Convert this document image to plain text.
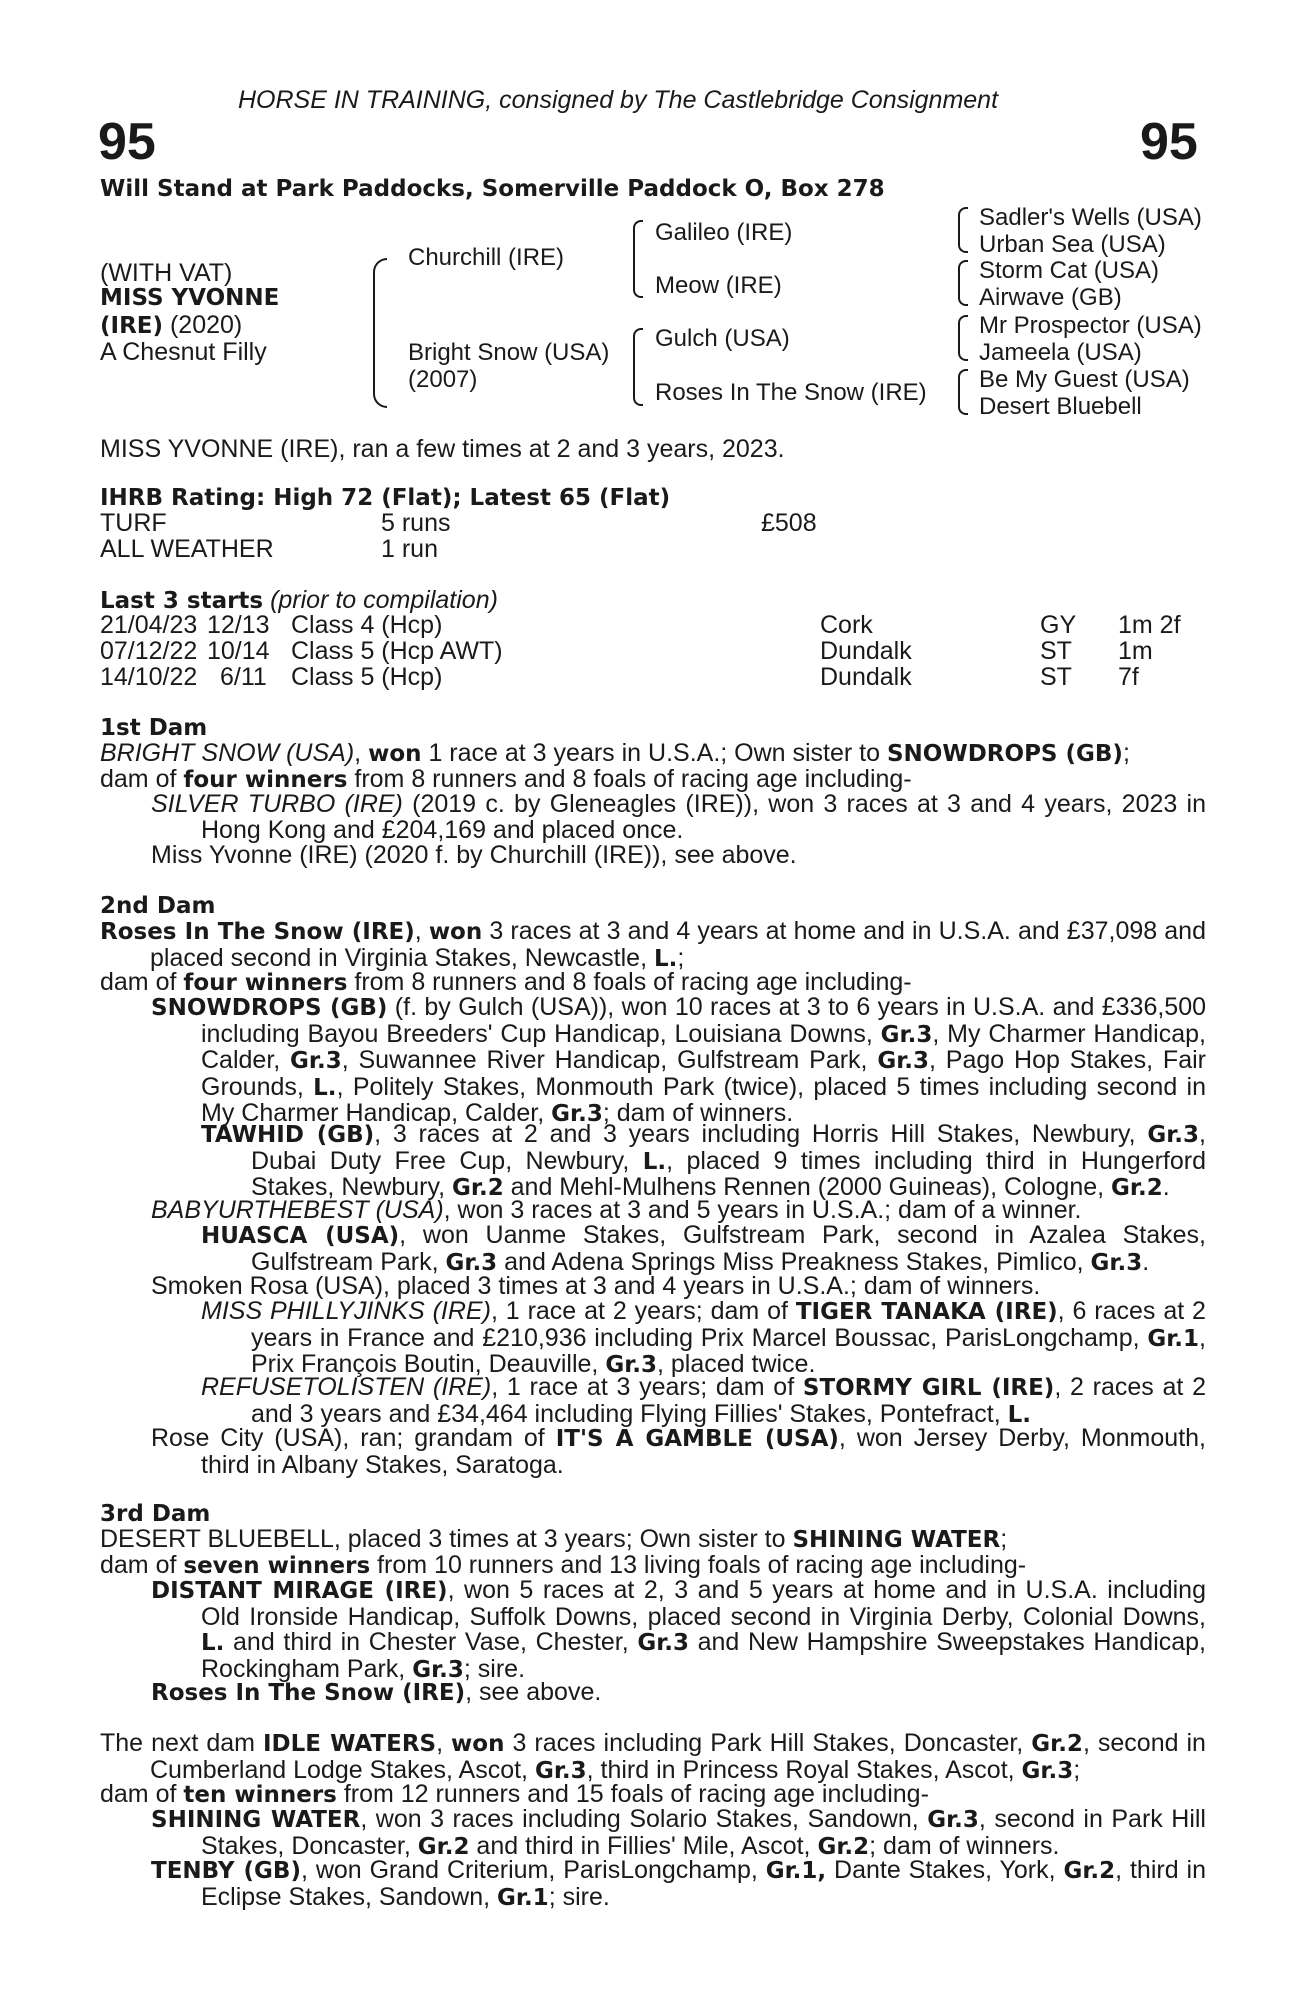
HORSE IN TRAINING, consigned by The Castlebridge Consignment
95	95
Will Stand at Park Paddocks, Somerville Paddock O, Box 278
(WITH VAT)
MISS YVONNE
(IRE) (2020)
A Chesnut Filly
Churchill (IRE)
Bright Snow (USA)
(2007)
Galileo (IRE)
Meow (IRE)
Gulch (USA)
Roses In The Snow (IRE)
Sadler's Wells (USA)
Urban Sea (USA)
Storm Cat (USA)
Airwave (GB)
Mr Prospector (USA)
Jameela (USA)
Be My Guest (USA)
Desert Bluebell
MISS YVONNE (IRE), ran a few times at 2 and 3 years, 2023.
IHRB Rating: High 72 (Flat); Latest 65 (Flat)
TURF	5 runs	£508
ALL WEATHER	1 run
Last 3 starts (prior to compilation)
21/04/23 12/13 Class 4 (Hcp)	Cork	GY 1m 2f
07/12/22 10/14 Class 5 (Hcp AWT)	Dundalk	ST 1m
14/10/22 6/11 Class 5 (Hcp)	Dundalk	ST 7f
1st Dam
BRIGHT SNOW (USA), won 1 race at 3 years in U.S.A.; Own sister to SNOWDROPS (GB);
dam of four winners from 8 runners and 8 foals of racing age including-
SILVER TURBO (IRE) (2019 c. by Gleneagles (IRE)), won 3 races at 3 and 4 years, 2023 in Hong Kong and £204,169 and placed once.
Miss Yvonne (IRE) (2020 f. by Churchill (IRE)), see above.
2nd Dam
Roses In The Snow (IRE), won 3 races at 3 and 4 years at home and in U.S.A. and £37,098 and placed second in Virginia Stakes, Newcastle, L.;
dam of four winners from 8 runners and 8 foals of racing age including-
SNOWDROPS (GB) (f. by Gulch (USA)), won 10 races at 3 to 6 years in U.S.A. and £336,500 including Bayou Breeders' Cup Handicap, Louisiana Downs, Gr.3, My Charmer Handicap, Calder, Gr.3, Suwannee River Handicap, Gulfstream Park, Gr.3, Pago Hop Stakes, Fair Grounds, L., Politely Stakes, Monmouth Park (twice), placed 5 times including second in My Charmer Handicap, Calder, Gr.3; dam of winners.
TAWHID (GB), 3 races at 2 and 3 years including Horris Hill Stakes, Newbury, Gr.3, Dubai Duty Free Cup, Newbury, L., placed 9 times including third in Hungerford Stakes, Newbury, Gr.2 and Mehl-Mulhens Rennen (2000 Guineas), Cologne, Gr.2.
BABYURTHEBEST (USA), won 3 races at 3 and 5 years in U.S.A.; dam of a winner.
HUASCA (USA), won Uanme Stakes, Gulfstream Park, second in Azalea Stakes, Gulfstream Park, Gr.3 and Adena Springs Miss Preakness Stakes, Pimlico, Gr.3.
Smoken Rosa (USA), placed 3 times at 3 and 4 years in U.S.A.; dam of winners.
MISS PHILLYJINKS (IRE), 1 race at 2 years; dam of TIGER TANAKA (IRE), 6 races at 2 years in France and £210,936 including Prix Marcel Boussac, ParisLongchamp, Gr.1, Prix François Boutin, Deauville, Gr.3, placed twice.
REFUSETOLISTEN (IRE), 1 race at 3 years; dam of STORMY GIRL (IRE), 2 races at 2 and 3 years and £34,464 including Flying Fillies' Stakes, Pontefract, L.
Rose City (USA), ran; grandam of IT'S A GAMBLE (USA), won Jersey Derby, Monmouth, third in Albany Stakes, Saratoga.
3rd Dam
DESERT BLUEBELL, placed 3 times at 3 years; Own sister to SHINING WATER;
dam of seven winners from 10 runners and 13 living foals of racing age including-
DISTANT MIRAGE (IRE), won 5 races at 2, 3 and 5 years at home and in U.S.A. including Old Ironside Handicap, Suffolk Downs, placed second in Virginia Derby, Colonial Downs, L. and third in Chester Vase, Chester, Gr.3 and New Hampshire Sweepstakes Handicap, Rockingham Park, Gr.3; sire.
Roses In The Snow (IRE), see above.
The next dam IDLE WATERS, won 3 races including Park Hill Stakes, Doncaster, Gr.2, second in Cumberland Lodge Stakes, Ascot, Gr.3, third in Princess Royal Stakes, Ascot, Gr.3;
dam of ten winners from 12 runners and 15 foals of racing age including-
SHINING WATER, won 3 races including Solario Stakes, Sandown, Gr.3, second in Park Hill Stakes, Doncaster, Gr.2 and third in Fillies' Mile, Ascot, Gr.2; dam of winners.
TENBY (GB), won Grand Criterium, ParisLongchamp, Gr.1, Dante Stakes, York, Gr.2, third in Eclipse Stakes, Sandown, Gr.1; sire.
